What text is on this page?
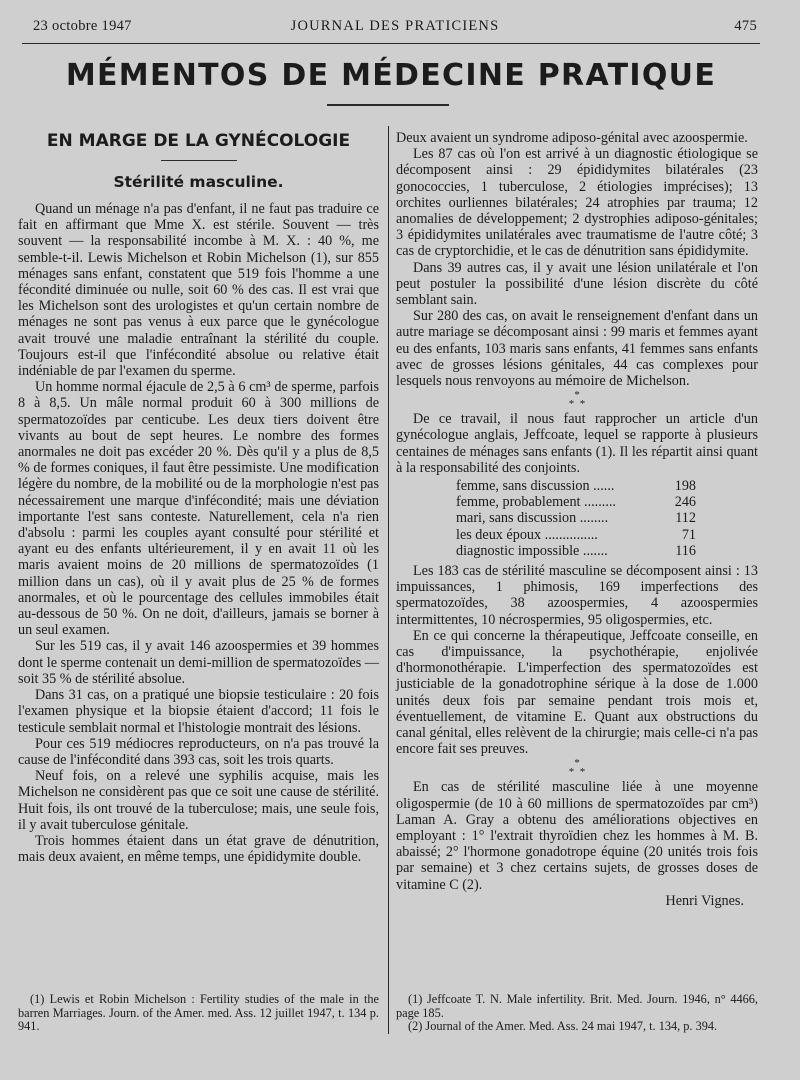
23 octobre 1947	JOURNAL DES PRATICIENS	475
MÉMENTOS DE MÉDECINE PRATIQUE
EN MARGE DE LA GYNÉCOLOGIE
Stérilité masculine.

Quand un ménage n'a pas d'enfant, il ne faut pas traduire ce fait en affirmant que Mme X. est stérile. Souvent — très souvent — la responsabilité incombe à M. X. : 40 %, me semble-t-il. Lewis Michelson et Robin Michelson (1), sur 855 ménages sans enfant, constatent que 519 fois l'homme a une fécondité diminuée ou nulle, soit 60 % des cas. Il est vrai que les Michelson sont des urologistes et qu'un certain nombre de ménages ne sont pas venus à eux parce que le gynécologue avait trouvé une maladie entraînant la stérilité du couple. Toujours est-il que l'infécondité absolue ou relative était indéniable de par l'examen du sperme.

Un homme normal éjacule de 2,5 à 6 cm³ de sperme, parfois 8 à 8,5. Un mâle normal produit 60 à 300 millions de spermatozoïdes par centicube. Les deux tiers doivent être vivants au bout de sept heures. Le nombre des formes anormales ne doit pas excéder 20 %. Dès qu'il y a plus de 8,5 % de formes coniques, il faut être pessimiste. Une modification légère du nombre, de la mobilité ou de la morphologie n'est pas nécessairement une marque d'infécondité; mais une déviation importante l'est sans conteste. Naturellement, cela n'a rien d'absolu : parmi les couples ayant consulté pour stérilité et ayant eu des enfants ultérieurement, il y en avait 11 où les maris avaient moins de 20 millions de spermatozoïdes (1 million dans un cas), où il y avait plus de 25 % de formes anormales, et où le pourcentage des cellules immobiles était au-dessous de 50 %. On ne doit, d'ailleurs, jamais se borner à un seul examen.

Sur les 519 cas, il y avait 146 azoospermies et 39 hommes dont le sperme contenait un demi-million de spermatozoïdes — soit 35 % de stérilité absolue.

Dans 31 cas, on a pratiqué une biopsie testiculaire : 20 fois l'examen physique et la biopsie étaient d'accord; 11 fois le testicule semblait normal et l'histologie montrait des lésions.

Pour ces 519 médiocres reproducteurs, on n'a pas trouvé la cause de l'infécondité dans 393 cas, soit les trois quarts.

Neuf fois, on a relevé une syphilis acquise, mais les Michelson ne considèrent pas que ce soit une cause de stérilité. Huit fois, ils ont trouvé de la tuberculose; mais, une seule fois, il y avait tuberculose génitale.

Trois hommes étaient dans un état grave de dénutrition, mais deux avaient, en même temps, une épididymite double.

(1) Lewis et Robin Michelson : Fertility studies of the male in the barren Marriages. Journ. of the Amer. med. Ass. 12 juillet 1947, t. 134 p. 941.

Deux avaient un syndrome adiposo-génital avec azoospermie.

Les 87 cas où l'on est arrivé à un diagnostic étiologique se décomposent ainsi : 29 épididymites bilatérales (23 gonococcies, 1 tuberculose, 2 étiologies imprécises); 13 orchites ourliennes bilatérales; 24 atrophies par trauma; 12 anomalies de développement; 2 dystrophies adiposo-génitales; 3 épididymites unilatérales avec traumatisme de l'autre côté; 3 cas de cryptorchidie, et le cas de dénutrition sans épididymite.

Dans 39 autres cas, il y avait une lésion unilatérale et l'on peut postuler la possibilité d'une lésion discrète du côté semblant sain.

Sur 280 des cas, on avait le renseignement d'enfant dans un autre mariage se décomposant ainsi : 99 maris et femmes ayant eu des enfants, 103 maris sans enfants, 41 femmes sans enfants avec de grosses lésions génitales, 44 cas complexes pour lesquels nous renvoyons au mémoire de Michelson.

*
*  *

De ce travail, il nous faut rapprocher un article d'un gynécologue anglais, Jeffcoate, lequel se rapporte à plusieurs centaines de ménages sans enfants (1). Il les répartit ainsi quant à la responsabilité des conjoints.

femme, sans discussion ......	198
femme, probablement .........	246
mari, sans discussion ........	112
les deux époux ...............	71
diagnostic impossible .......	116

Les 183 cas de stérilité masculine se décomposent ainsi : 13 impuissances, 1 phimosis, 169 imperfections des spermatozoïdes, 38 azoospermies, 4 azoospermies intermittentes, 10 nécrospermies, 95 oligospermies, etc.

En ce qui concerne la thérapeutique, Jeffcoate conseille, en cas d'impuissance, la psychothérapie, enjolivée d'hormonothérapie. L'imperfection des spermatozoïdes est justiciable de la gonadotrophine sérique à la dose de 1.000 unités deux fois par semaine pendant trois mois et, éventuellement, de vitamine E. Quant aux obstructions du canal génital, elles relèvent de la chirurgie; mais celle-ci n'a pas encore fait ses preuves.

*
*  *

En cas de stérilité masculine liée à une moyenne oligospermie (de 10 à 60 millions de spermatozoïdes par cm³) Laman A. Gray a obtenu des améliorations objectives en employant : 1° l'extrait thyroïdien chez les hommes à M. B. abaissé; 2° l'hormone gonadotrope équine (20 unités trois fois par semaine) et 3 chez certains sujets, de grosses doses de vitamine C (2).

Henri Vignes.

(1) Jeffcoate T. N. Male infertility. Brit. Med. Journ. 1946, n° 4466, page 185.

(2) Journal of the Amer. Med. Ass. 24 mai 1947, t. 134, p. 394.
